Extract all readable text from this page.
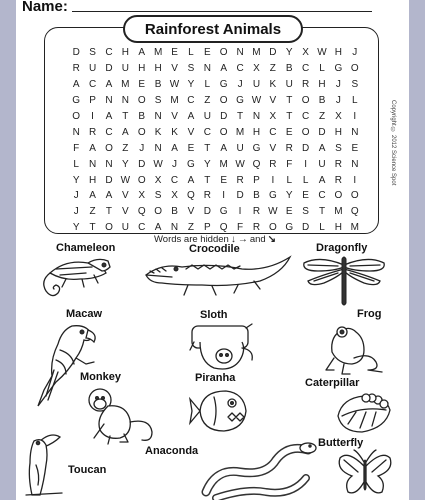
Name:
Rainforest Animals
D S C H A M E	L	E O N M D Y X W H	J
R U D U H H V S N A C X	Z	B C L G O
A C A M E B W Y	L G J	U K U R H	J	S
G P N N O S M C Z O G W V	T O B	J	L
O	I	A	T	B N V A U D T N X	T C Z	X	I
N R C A O K K V C O M H C E O D H N
F	A O Z	J	N A E	T A U G V R D A S E
L N N Y D W J	G Y M W Q R F	I	U R N
Y H D W O X C A	T E R P	I	L	L	A R	I
J	A A V X S X Q R	I	D B G Y E C O O
J	Z	T	V Q O B V D G	I	R W E S	T M Q
Y	T O U C A N Z	P Q F R O G D L	H M
Copyright © 2012 Science Spot
Words are hidden ↓ → and ↘
Chameleon	Crocodile	Dragonfly
Macaw	Sloth	Frog
Monkey	Piranha	Caterpillar
Anaconda
Butterfly
Toucan
